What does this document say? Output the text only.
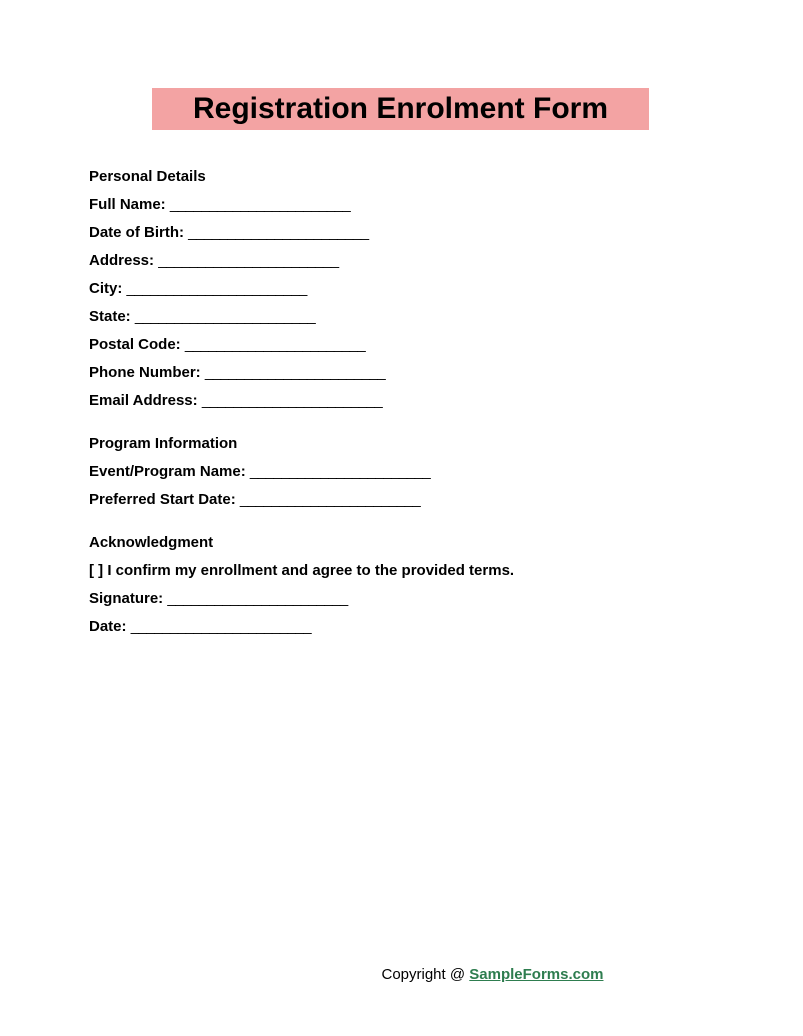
Registration Enrolment Form
Personal Details
Full Name: _______________________
Date of Birth: _______________________
Address: _______________________
City: _______________________
State: _______________________
Postal Code: _______________________
Phone Number: _______________________
Email Address: _______________________
Program Information
Event/Program Name: _______________________
Preferred Start Date: _______________________
Acknowledgment
[ ] I confirm my enrollment and agree to the provided terms.
Signature: _______________________
Date: _______________________
Copyright @ SampleForms.com
